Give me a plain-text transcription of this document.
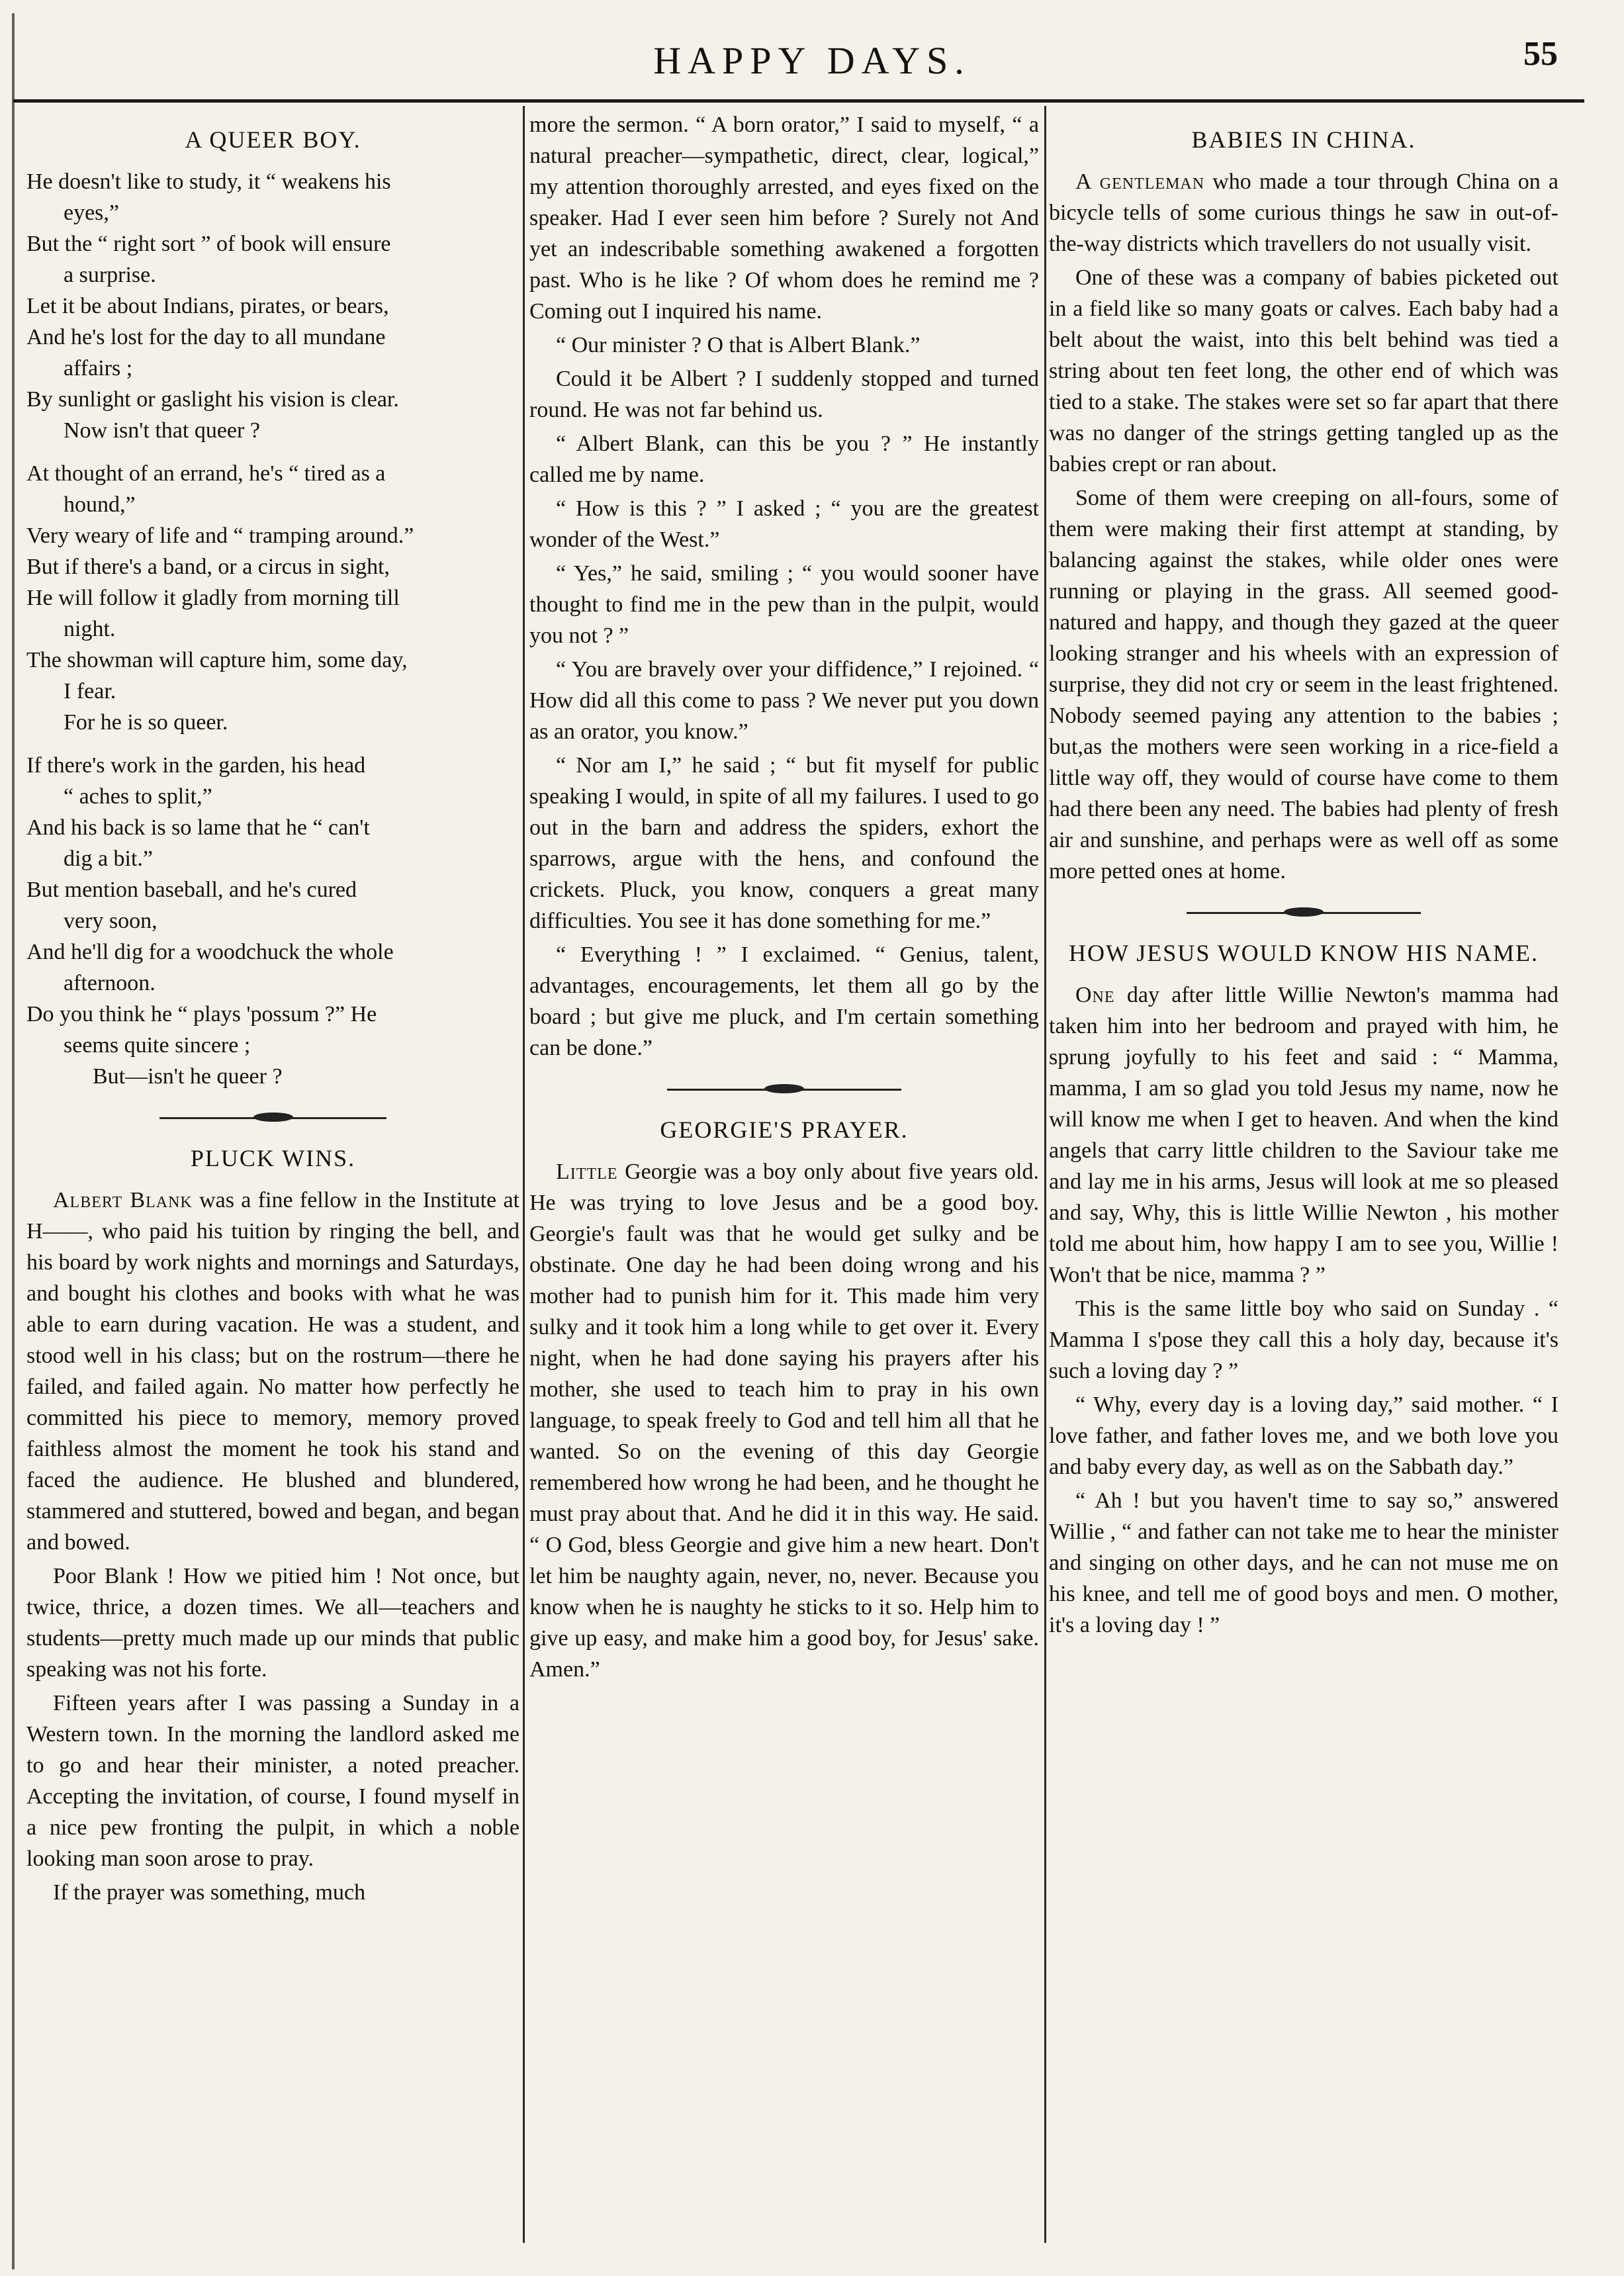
HAPPY DAYS.	55
A QUEER BOY.

He doesn't like to study, it “ weakens his

eyes,”

But the “ right sort ” of book will ensure

a surprise.

Let it be about Indians, pirates, or bears,

And he's lost for the day to all mundane

affairs ;

By sunlight or gaslight his vision is clear.

Now isn't that queer ?

At thought of an errand, he's “ tired as a

hound,”

Very weary of life and “ tramping around.”

But if there's a band, or a circus in sight,

He will follow it gladly from morning till

night.

The showman will capture him, some day,

I fear.

For he is so queer.

If there's work in the garden, his head

“ aches to split,”

And his back is so lame that he “ can't

dig a bit.”

But mention baseball, and he's cured

very soon,

And he'll dig for a woodchuck the whole

afternoon.

Do you think he “ plays 'possum ?” He

seems quite sincere ;

But—isn't he queer ?

PLUCK WINS.

Albert Blank was a fine fellow in the Institute at H——, who paid his tuition by ringing the bell, and his board by work nights and mornings and Saturdays, and bought his clothes and books with what he was able to earn during vacation. He was a student, and stood well in his class; but on the rostrum—there he failed, and failed again. No matter how perfectly he committed his piece to memory, memory proved faithless almost the moment he took his stand and faced the audience. He blushed and blundered, stammered and stuttered, bowed and began, and began and bowed.

Poor Blank ! How we pitied him ! Not once, but twice, thrice, a dozen times. We all—teachers and students—pretty much made up our minds that public speaking was not his forte.

Fifteen years after I was passing a Sunday in a Western town. In the morning the landlord asked me to go and hear their minister, a noted preacher. Accepting the invitation, of course, I found myself in a nice pew fronting the pulpit, in which a noble looking man soon arose to pray.

If the prayer was something, much

more the sermon. “ A born orator,” I said to myself, “ a natural preacher—sympathetic, direct, clear, logical,” my attention thoroughly arrested, and eyes fixed on the speaker. Had I ever seen him before ? Surely not And yet an indescribable something awakened a forgotten past. Who is he like ? Of whom does he remind me ? Coming out I inquired his name.

“ Our minister ? O that is Albert Blank.”

Could it be Albert ? I suddenly stopped and turned round. He was not far behind us.

“ Albert Blank, can this be you ? ” He instantly called me by name.

“ How is this ? ” I asked ; “ you are the greatest wonder of the West.”

“ Yes,” he said, smiling ; “ you would sooner have thought to find me in the pew than in the pulpit, would you not ? ”

“ You are bravely over your diffidence,” I rejoined. “ How did all this come to pass ? We never put you down as an orator, you know.”

“ Nor am I,” he said ; “ but fit myself for public speaking I would, in spite of all my failures. I used to go out in the barn and address the spiders, exhort the sparrows, argue with the hens, and confound the crickets. Pluck, you know, conquers a great many difficulties. You see it has done something for me.”

“ Everything ! ” I exclaimed. “ Genius, talent, advantages, encouragements, let them all go by the board ; but give me pluck, and I'm certain something can be done.”

GEORGIE'S PRAYER.

Little Georgie was a boy only about five years old. He was trying to love Jesus and be a good boy. Georgie's fault was that he would get sulky and be obstinate. One day he had been doing wrong and his mother had to punish him for it. This made him very sulky and it took him a long while to get over it. Every night, when he had done saying his prayers after his mother, she used to teach him to pray in his own language, to speak freely to God and tell him all that he wanted. So on the evening of this day Georgie remembered how wrong he had been, and he thought he must pray about that. And he did it in this way. He said. “ O God, bless Georgie and give him a new heart. Don't let him be naughty again, never, no, never. Because you know when he is naughty he sticks to it so. Help him to give up easy, and make him a good boy, for Jesus' sake. Amen.”

BABIES IN CHINA.

A gentleman who made a tour through China on a bicycle tells of some curious things he saw in out-of-the-way districts which travellers do not usually visit.

One of these was a company of babies picketed out in a field like so many goats or calves. Each baby had a belt about the waist, into this belt behind was tied a string about ten feet long, the other end of which was tied to a stake. The stakes were set so far apart that there was no danger of the strings getting tangled up as the babies crept or ran about.

Some of them were creeping on all-fours, some of them were making their first attempt at standing, by balancing against the stakes, while older ones were running or playing in the grass. All seemed good-natured and happy, and though they gazed at the queer looking stranger and his wheels with an expression of surprise, they did not cry or seem in the least frightened. Nobody seemed paying any attention to the babies ; but,as the mothers were seen working in a rice-field a little way off, they would of course have come to them had there been any need. The babies had plenty of fresh air and sunshine, and perhaps were as well off as some more petted ones at home.

HOW JESUS WOULD KNOW HIS NAME.

One day after little Willie Newton's mamma had taken him into her bedroom and prayed with him, he sprung joyfully to his feet and said : “ Mamma, mamma, I am so glad you told Jesus my name, now he will know me when I get to heaven. And when the kind angels that carry little children to the Saviour take me and lay me in his arms, Jesus will look at me so pleased and say, Why, this is little Willie Newton , his mother told me about him, how happy I am to see you, Willie ! Won't that be nice, mamma ? ”

This is the same little boy who said on Sunday . “ Mamma I s'pose they call this a holy day, because it's such a loving day ? ”

“ Why, every day is a loving day,” said mother. “ I love father, and father loves me, and we both love you and baby every day, as well as on the Sabbath day.”

“ Ah ! but you haven't time to say so,” answered Willie , “ and father can not take me to hear the minister and singing on other days, and he can not muse me on his knee, and tell me of good boys and men. O mother, it's a loving day ! ”
